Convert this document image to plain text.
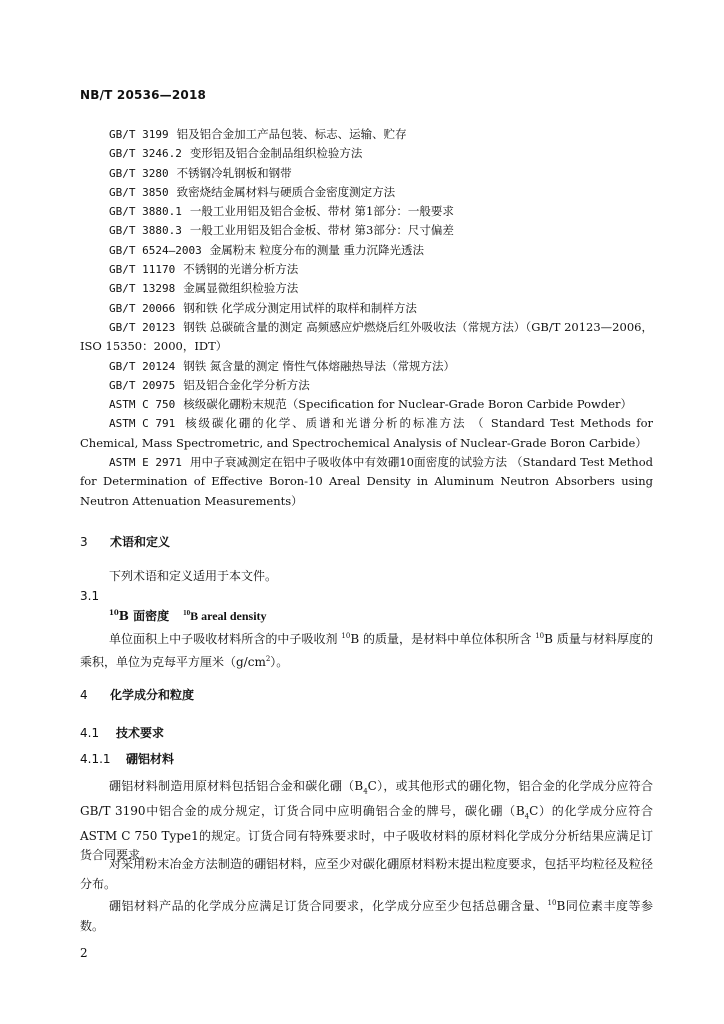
NB/T 20536—2018
GB/T 3199 铝及铝合金加工产品包装、标志、运输、贮存
GB/T 3246.2 变形铝及铝合金制品组织检验方法
GB/T 3280 不锈钢冷轧钢板和钢带
GB/T 3850 致密烧结金属材料与硬质合金密度测定方法
GB/T 3880.1 一般工业用铝及铝合金板、带材 第1部分：一般要求
GB/T 3880.3 一般工业用铝及铝合金板、带材 第3部分：尺寸偏差
GB/T 6524—2003 金属粉末 粒度分布的测量 重力沉降光透法
GB/T 11170 不锈钢的光谱分析方法
GB/T 13298 金属显微组织检验方法
GB/T 20066 钢和铁 化学成分测定用试样的取样和制样方法
GB/T 20123 钢铁 总碳硫含量的测定 高频感应炉燃烧后红外吸收法（常规方法）（GB/T 20123—2006，ISO 15350：2000，IDT）
GB/T 20124 钢铁 氮含量的测定 惰性气体熔融热导法（常规方法）
GB/T 20975 铝及铝合金化学分析方法
ASTM C 750 核级碳化硼粉末规范（Specification for Nuclear-Grade Boron Carbide Powder）
ASTM C 791 核级碳化硼的化学、质谱和光谱分析的标准方法 （ Standard Test Methods for Chemical, Mass Spectrometric, and Spectrochemical Analysis of Nuclear-Grade Boron Carbide）
ASTM E 2971 用中子衰减测定在铝中子吸收体中有效硼10面密度的试验方法 （Standard Test Method for Determination of Effective Boron-10 Areal Density in Aluminum Neutron Absorbers using Neutron Attenuation Measurements）
3 术语和定义
下列术语和定义适用于本文件。
3.1
$^{10}$B 面密度 $^{10}$B areal density
单位面积上中子吸收材料所含的中子吸收剂 $^{10}$B 的质量，是材料中单位体积所含 $^{10}$B 质量与材料厚度的乘积，单位为克每平方厘米$(g/cm^2)$。
4 化学成分和粒度
4.1 技术要求
4.1.1 硼铝材料
硼铝材料制造用原材料包括铝合金和碳化硼$(B_4C)$，或其他形式的硼化物，铝合金的化学成分应符合GB/T 3190中铝合金的成分规定，订货合同中应明确铝合金的牌号，碳化硼$(B_4C)$的化学成分应符合ASTM C 750 Type1的规定。订货合同有特殊要求时，中子吸收材料的原材料化学成分分析结果应满足订货合同要求。
对采用粉末冶金方法制造的硼铝材料，应至少对碳化硼原材料粉末提出粒度要求，包括平均粒径及粒径分布。
硼铝材料产品的化学成分应满足订货合同要求，化学成分应至少包括总硼含量、$^{10}$B同位素丰度等参数。
2
